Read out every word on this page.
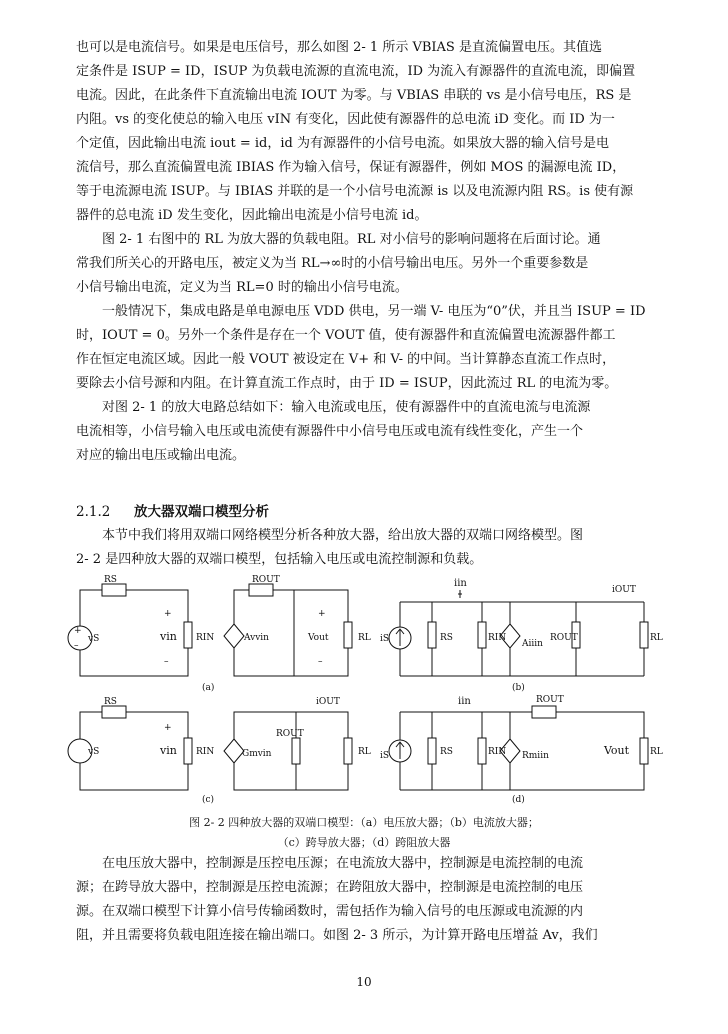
也可以是电流信号。如果是电压信号，那么如图 2- 1 所示 VBIAS 是直流偏置电压。其值选
定条件是 ISUP = ID，ISUP 为负载电流源的直流电流，ID 为流入有源器件的直流电流，即偏置
电流。因此，在此条件下直流输出电流 IOUT 为零。与 VBIAS 串联的 vs 是小信号电压，RS 是
内阻。vs 的变化使总的输入电压 vIN 有变化，因此使有源器件的总电流 iD 变化。而 ID 为一
个定值，因此输出电流 iout = id，id 为有源器件的小信号电流。如果放大器的输入信号是电
流信号，那么直流偏置电流 IBIAS 作为输入信号，保证有源器件，例如 MOS 的漏源电流 ID，
等于电流源电流 ISUP。与 IBIAS 并联的是一个小信号电流源 is 以及电流源内阻 RS。is 使有源
器件的总电流 iD 发生变化，因此输出电流是小信号电流 id。

图 2- 1 右图中的 RL 为放大器的负载电阻。RL 对小信号的影响问题将在后面讨论。通
常我们所关心的开路电压，被定义为当 RL→∞时的小信号输出电压。另外一个重要参数是
小信号输出电流，定义为当 RL=0 时的输出小信号电流。

一般情况下，集成电路是单电源电压 VDD 供电，另一端 V- 电压为“0”伏，并且当 ISUP = ID
时，IOUT = 0。另外一个条件是存在一个 VOUT 值，使有源器件和直流偏置电流源器件都工
作在恒定电流区域。因此一般 VOUT 被设定在 V+ 和 V- 的中间。当计算静态直流工作点时，
要除去小信号源和内阻。在计算直流工作点时，由于 ID = ISUP，因此流过 RL 的电流为零。

对图 2- 1 的放大电路总结如下：输入电流或电压，使有源器件中的直流电流与电流源
电流相等，小信号输入电压或电流使有源器件中小信号电压或电流有线性变化，产生一个
对应的输出电压或输出电流。

2.1.2 放大器双端口模型分析

本节中我们将用双端口网络模型分析各种放大器，给出放大器的双端口网络模型。图
2- 2 是四种放大器的双端口模型，包括输入电压或电流控制源和负载。

RS
+
–
vS
+
vin
–
RIN
ROUT
Avvin
+
Vout
–
RL
(a)
iS	RS
iin
RIN
Aiiin
ROUT
iOUT
RL
(b)
RS
vS
+
vin RIN	Gmvin
ROUT
iOUT
RL
(c)
iS	RS
iin
RIN Rmiin
ROUT
Vout RL
(d)
图 2- 2 四种放大器的双端口模型：（a）电压放大器；（b）电流放大器；
（c）跨导放大器；（d）跨阻放大器

在电压放大器中，控制源是压控电压源；在电流放大器中，控制源是电流控制的电流
源；在跨导放大器中，控制源是压控电流源；在跨阻放大器中，控制源是电流控制的电压
源。在双端口模型下计算小信号传输函数时，需包括作为输入信号的电压源或电流源的内
阻，并且需要将负载电阻连接在输出端口。如图 2- 3 所示，为计算开路电压增益 Av，我们

10
